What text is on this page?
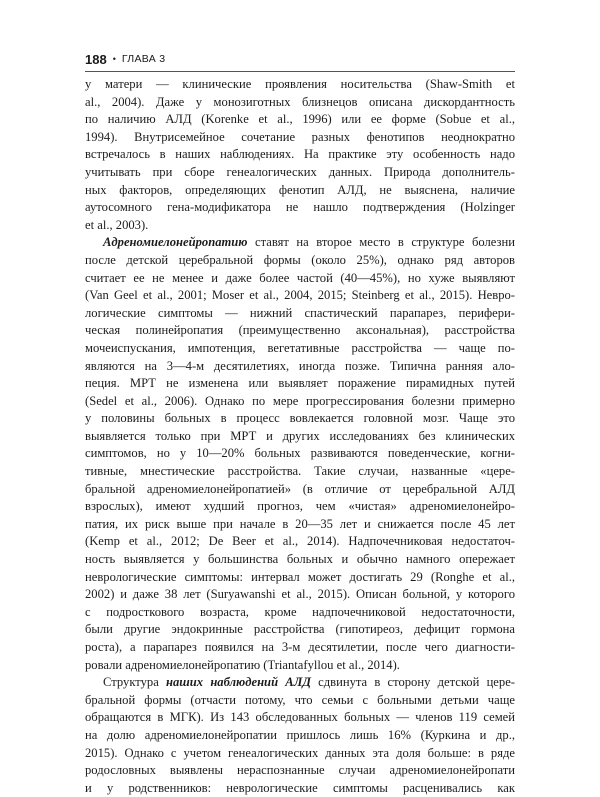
188 • ГЛАВА 3
у матери — клинические проявления носительства (Shaw-Smith et
al., 2004). Даже у монозиготных близнецов описана дискордантность
по наличию АЛД (Korenke et al., 1996) или ее форме (Sobue et al.,
1994). Внутрисемейное сочетание разных фенотипов неоднократно
встречалось в наших наблюдениях. На практике эту особенность надо
учитывать при сборе генеалогических данных. Природа дополнитель-
ных факторов, определяющих фенотип АЛД, не выяснена, наличие
аутосомного гена-модификатора не нашло подтверждения (Holzinger
et al., 2003).
Адреномиелонейропатию ставят на второе место в структуре болезни
после детской церебральной формы (около 25%), однако ряд авторов
считает ее не менее и даже более частой (40—45%), но хуже выявляют
(Van Geel et al., 2001; Moser et al., 2004, 2015; Steinberg et al., 2015). Невро-
логические симптомы — нижний спастический парапарез, перифери-
ческая полинейропатия (преимущественно аксональная), расстройства
мочеиспускания, импотенция, вегетативные расстройства — чаще по-
являются на 3—4-м десятилетиях, иногда позже. Типична ранняя ало-
пеция. МРТ не изменена или выявляет поражение пирамидных путей
(Sedel et al., 2006). Однако по мере прогрессирования болезни примерно
у половины больных в процесс вовлекается головной мозг. Чаще это
выявляется только при МРТ и других исследованиях без клинических
симптомов, но у 10—20% больных развиваются поведенческие, когни-
тивные, мнестические расстройства. Такие случаи, названные «цере-
бральной адреномиелонейропатией» (в отличие от церебральной АЛД
взрослых), имеют худший прогноз, чем «чистая» адреномиелонейро-
патия, их риск выше при начале в 20—35 лет и снижается после 45 лет
(Kemp et al., 2012; De Beer et al., 2014). Надпочечниковая недостаточ-
ность выявляется у большинства больных и обычно намного опережает
неврологические симптомы: интервал может достигать 29 (Ronghe et al.,
2002) и даже 38 лет (Suryawanshi et al., 2015). Описан больной, у которого
с подросткового возраста, кроме надпочечниковой недостаточности,
были другие эндокринные расстройства (гипотиреоз, дефицит гормона
роста), а парапарез появился на 3-м десятилетии, после чего диагности-
ровали адреномиелонейропатию (Triantafyllou et al., 2014).
Структура наших наблюдений АЛД сдвинута в сторону детской цере-
бральной формы (отчасти потому, что семьи с больными детьми чаще
обращаются в МГК). Из 143 обследованных больных — членов 119 семей
на долю адреномиелонейропатии пришлось лишь 16% (Куркина и др.,
2015). Однако с учетом генеалогических данных эта доля больше: в ряде
родословных выявлены нераспознанные случаи адреномиелонейропати
и у родственников: неврологические симптомы расценивались как
